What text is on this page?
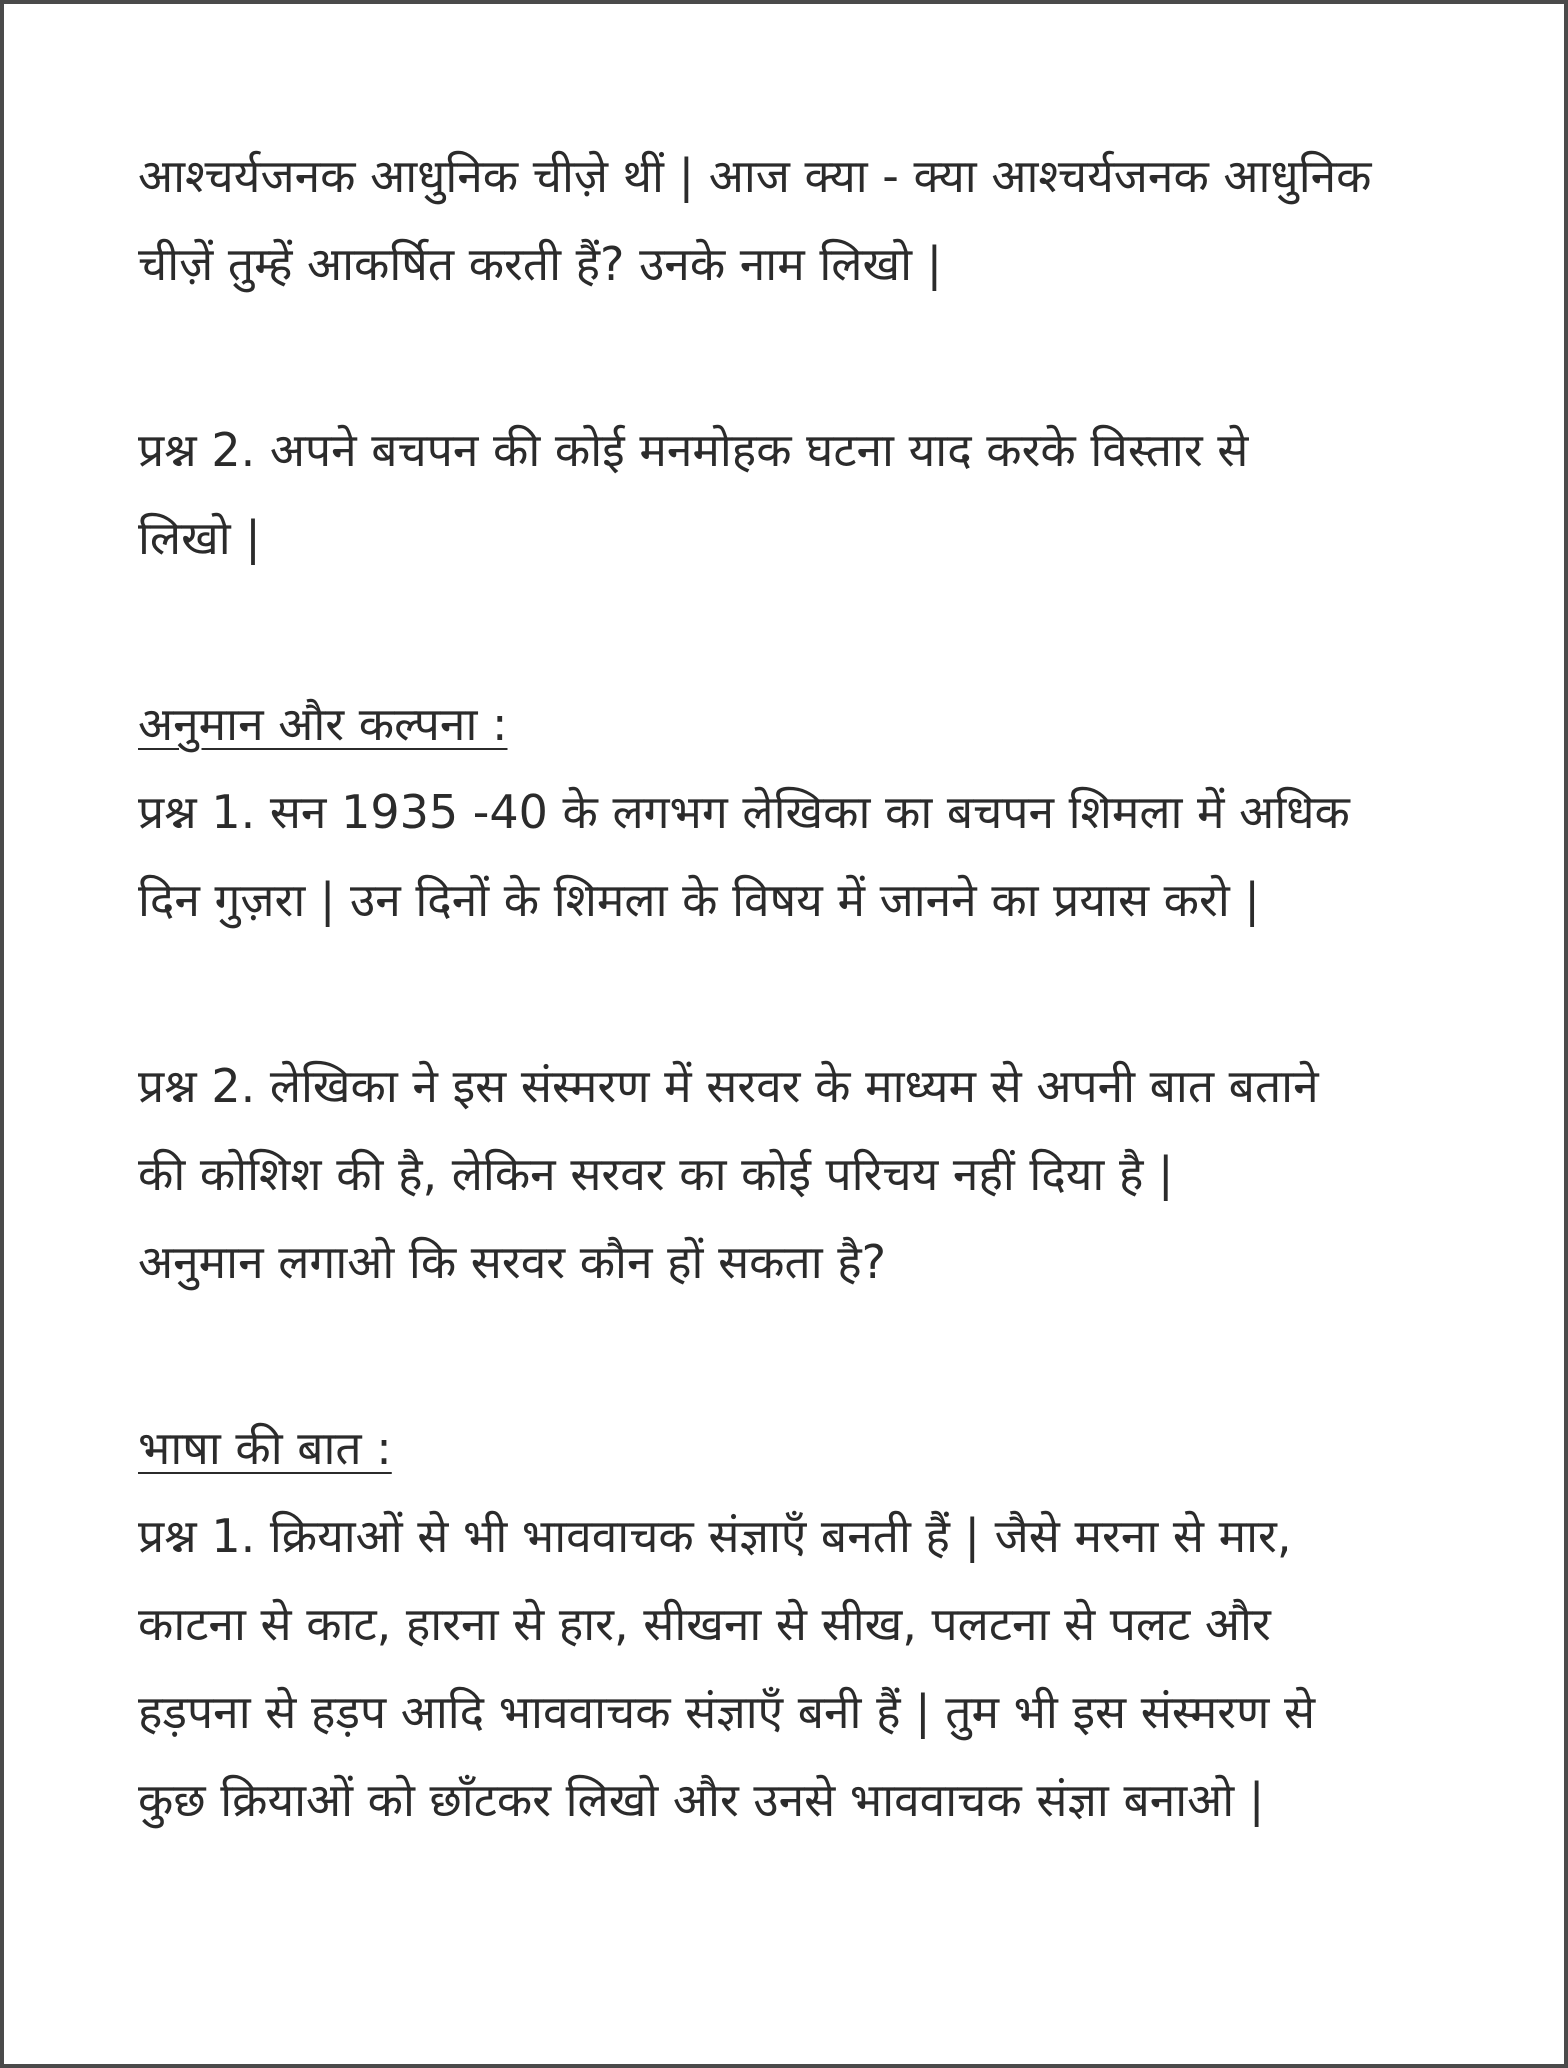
आश्चर्यजनक आधुनिक चीज़े थीं | आज क्या - क्या आश्चर्यजनक आधुनिक
चीज़ें तुम्हें आकर्षित करती हैं? उनके नाम लिखो |

प्रश्न 2. अपने बचपन की कोई मनमोहक घटना याद करके विस्तार से
लिखो |

अनुमान और कल्पना :

प्रश्न 1. सन 1935 -40 के लगभग लेखिका का बचपन शिमला में अधिक
दिन गुज़रा | उन दिनों के शिमला के विषय में जानने का प्रयास करो |

प्रश्न 2. लेखिका ने इस संस्मरण में सरवर के माध्यम से अपनी बात बताने
की कोशिश की है, लेकिन सरवर का कोई परिचय नहीं दिया है |
अनुमान लगाओ कि सरवर कौन हों सकता है?

भाषा की बात :

प्रश्न 1. क्रियाओं से भी भाववाचक संज्ञाएँ बनती हैं | जैसे मरना से मार,
काटना से काट, हारना से हार, सीखना से सीख, पलटना से पलट और
हड़पना से हड़प आदि भाववाचक संज्ञाएँ बनी हैं | तुम भी इस संस्मरण से
कुछ क्रियाओं को छाँटकर लिखो और उनसे भाववाचक संज्ञा बनाओ |
